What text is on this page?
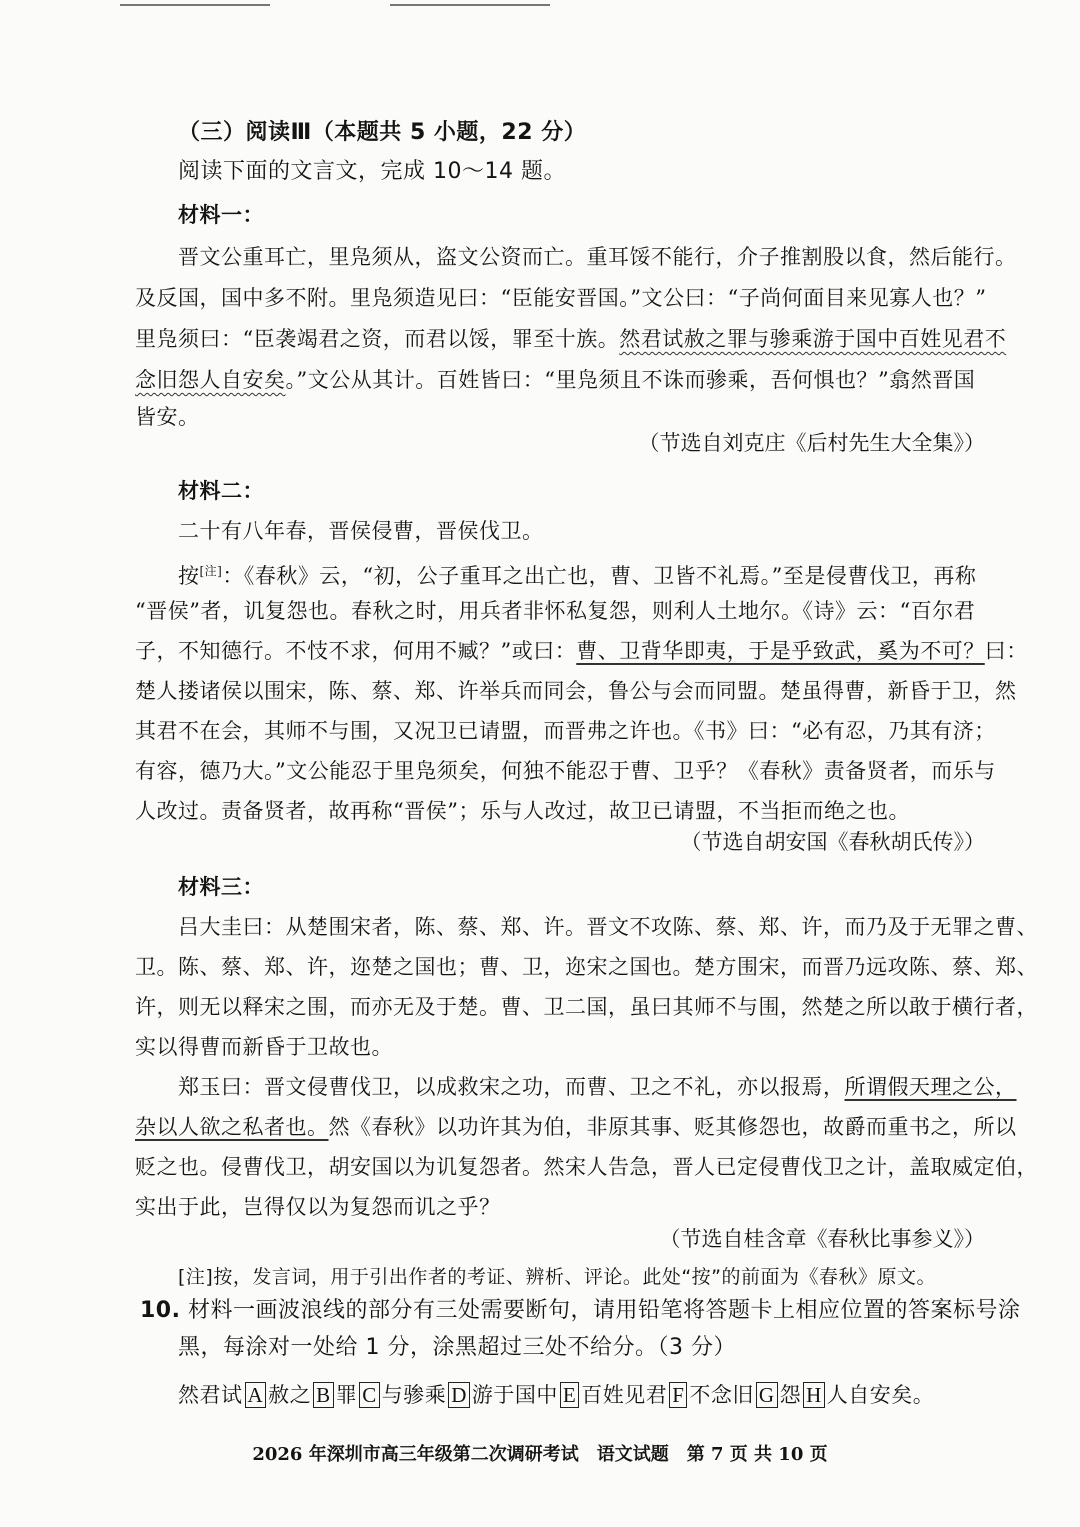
（三）阅读Ⅲ（本题共 5 小题，22 分）
阅读下面的文言文，完成 10～14 题。
材料一：
晋文公重耳亡，里凫须从，盗文公资而亡。重耳馁不能行，介子推割股以食，然后能行。
及反国，国中多不附。里凫须造见曰：“臣能安晋国。”文公曰：“子尚何面目来见寡人也？”
里凫须曰：“臣袭竭君之资，而君以馁，罪至十族。然君试赦之罪与骖乘游于国中百姓见君不
念旧怨人自安矣。”文公从其计。百姓皆曰：“里凫须且不诛而骖乘，吾何惧也？”翕然晋国
皆安。
（节选自刘克庄《后村先生大全集》）
材料二：
二十有八年春，晋侯侵曹，晋侯伐卫。
按[注]：《春秋》云，“初，公子重耳之出亡也，曹、卫皆不礼焉。”至是侵曹伐卫，再称
“晋侯”者，讥复怨也。春秋之时，用兵者非怀私复怨，则利人土地尔。《诗》云：“百尔君
子，不知德行。不忮不求，何用不臧？”或曰：曹、卫背华即夷，于是乎致武，奚为不可？曰：
楚人搂诸侯以围宋，陈、蔡、郑、许举兵而同会，鲁公与会而同盟。楚虽得曹，新昏于卫，然
其君不在会，其师不与围，又况卫已请盟，而晋弗之许也。《书》曰：“必有忍，乃其有济；
有容，德乃大。”文公能忍于里凫须矣，何独不能忍于曹、卫乎？《春秋》责备贤者，而乐与
人改过。责备贤者，故再称“晋侯”；乐与人改过，故卫已请盟，不当拒而绝之也。
（节选自胡安国《春秋胡氏传》）
材料三：
吕大圭曰：从楚围宋者，陈、蔡、郑、许。晋文不攻陈、蔡、郑、许，而乃及于无罪之曹、
卫。陈、蔡、郑、许，迩楚之国也；曹、卫，迩宋之国也。楚方围宋，而晋乃远攻陈、蔡、郑、
许，则无以释宋之围，而亦无及于楚。曹、卫二国，虽曰其师不与围，然楚之所以敢于横行者，
实以得曹而新昏于卫故也。
郑玉曰：晋文侵曹伐卫，以成救宋之功，而曹、卫之不礼，亦以报焉，所谓假天理之公，
杂以人欲之私者也。然《春秋》以功许其为伯，非原其事、贬其修怨也，故爵而重书之，所以
贬之也。侵曹伐卫，胡安国以为讥复怨者。然宋人告急，晋人已定侵曹伐卫之计，盖取威定伯，
实出于此，岂得仅以为复怨而讥之乎？
（节选自桂含章《春秋比事参义》）
[注]按，发言词，用于引出作者的考证、辨析、评论。此处“按”的前面为《春秋》原文。
10. 材料一画波浪线的部分有三处需要断句，请用铅笔将答题卡上相应位置的答案标号涂
黑，每涂对一处给 1 分，涂黑超过三处不给分。（3 分）
然君试 A 赦之 B 罪 C 与骖乘 D 游于国中 E 百姓见君 F 不念旧 G 怨 H 人自安矣。
2026 年深圳市高三年级第二次调研考试　语文试题　第 7 页 共 10 页
